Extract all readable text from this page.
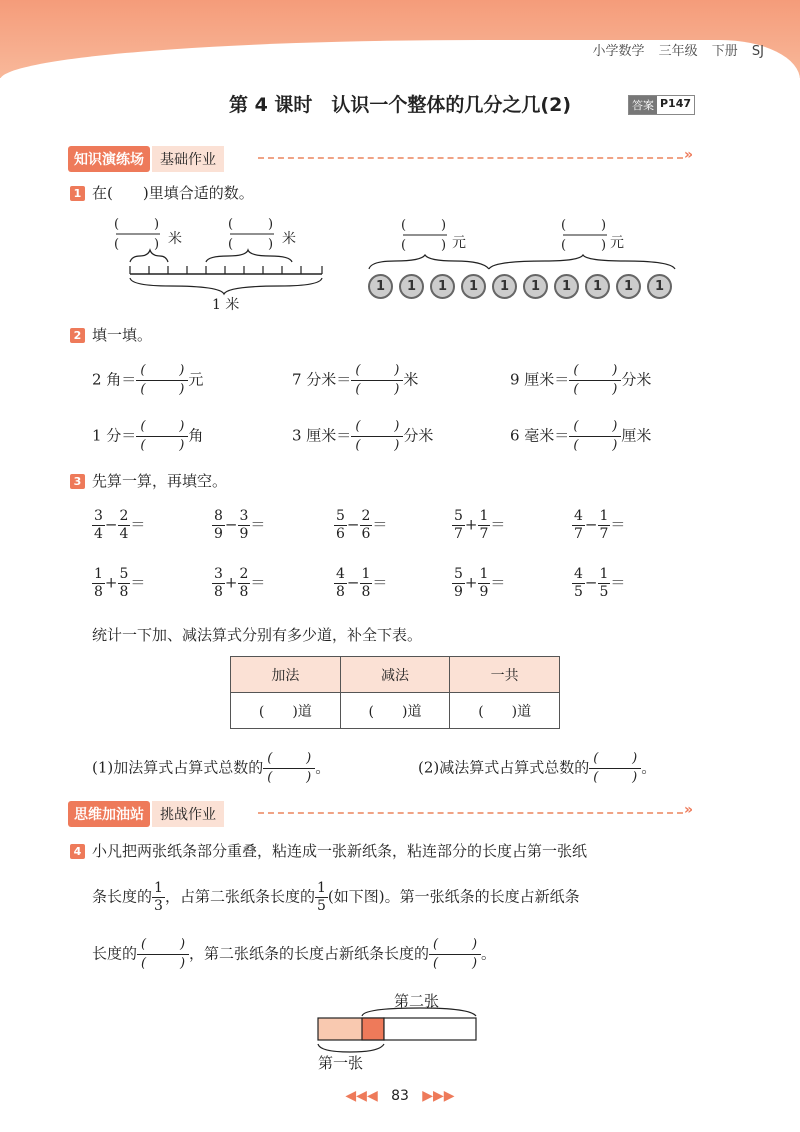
小学数学 三年级 下册 SJ
第 4 课时　认识一个整体的几分之几(2)	答案 P147
知识演练场	基础作业	»
1 在(　　)里填合适的数。
(	)
(	)
(	)
(	)
米	米
1 米
(	)
(	)
(	)
(	)
元	元
1	1	1	1	1	1	1	1	1	1
2 填一填。
2 角＝ (	)
(	)
元	7 分米＝ (	)
(	)
米	9 厘米＝ (	)
(	)
分米
1 分＝ (	)
(	)
角	3 厘米＝ (	)
(	)
分米	6 毫米＝ (	)
(	)
厘米
3 先算一算，再填空。
$\frac{3}{4} - \frac{2}{4}$ ＝	$\frac{8}{9} - \frac{3}{9}$ ＝	$\frac{5}{6} - \frac{2}{6}$ ＝	$\frac{5}{7} + \frac{1}{7}$ ＝	$\frac{4}{7} - \frac{1}{7}$ ＝
$\frac{1}{8} + \frac{5}{8}$ ＝	$\frac{3}{8} + \frac{2}{8}$ ＝	$\frac{4}{8} - \frac{1}{8}$ ＝	$\frac{5}{9} + \frac{1}{9}$ ＝	$\frac{4}{5} - \frac{1}{5}$ ＝
统计一下加、减法算式分别有多少道，补全下表。
加法	减法	一共
(　　)道	(　　)道	(　　)道
(1)加法算式占算式总数的 (	)
(	)
。	(2)减法算式占算式总数的 (	)
(	)
。
思维加油站	挑战作业	»
4 小凡把两张纸条部分重叠，粘连成一张新纸条，粘连部分的长度占第一张纸
条长度的 $\frac{1}{3}$ ，占第二张纸条长度的 $\frac{1}{5}$ (如下图)。第一张纸条的长度占新纸条
长度的 (	)
(	)
，第二张纸条的长度占新纸条长度的 (	)
(	)
。
第二张
第一张
◀◀◀ 83 ▶▶▶
